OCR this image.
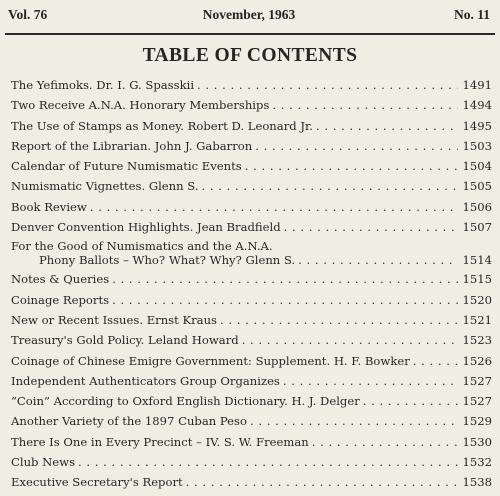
Vol. 76	November, 1963	No. 11
TABLE OF CONTENTS
The Yefimoks. Dr. I. G. Spasskii . . .	1491
Two Receive A.N.A. Honorary Memberships . . .	1494
The Use of Stamps as Money. Robert D. Leonard Jr. . . .	1495
Report of the Librarian. John J. Gabarron . . .	1503
Calendar of Future Numismatic Events . . .	1504
Numismatic Vignettes. Glenn S. . . .	1505
Book Review . . .	1506
Denver Convention Highlights. Jean Bradfield . . .	1507
For the Good of Numismatics and the A.N.A.
Phony Ballots – Who? What? Why? Glenn S. . . .	1514
Notes & Queries . . .	1515
Coinage Reports . . .	1520
New or Recent Issues. Ernst Kraus . . .	1521
Treasury's Gold Policy. Leland Howard . . .	1523
Coinage of Chinese Emigre Government: Supplement. H. F. Bowker . . .	1526
Independent Authenticators Group Organizes . . .	1527
“Coin” According to Oxford English Dictionary. H. J. Delger . . .	1527
Another Variety of the 1897 Cuban Peso . . .	1529
There Is One in Every Precinct – IV. S. W. Freeman . . .	1530
Club News . . .	1532
Executive Secretary's Report . . .	1538
